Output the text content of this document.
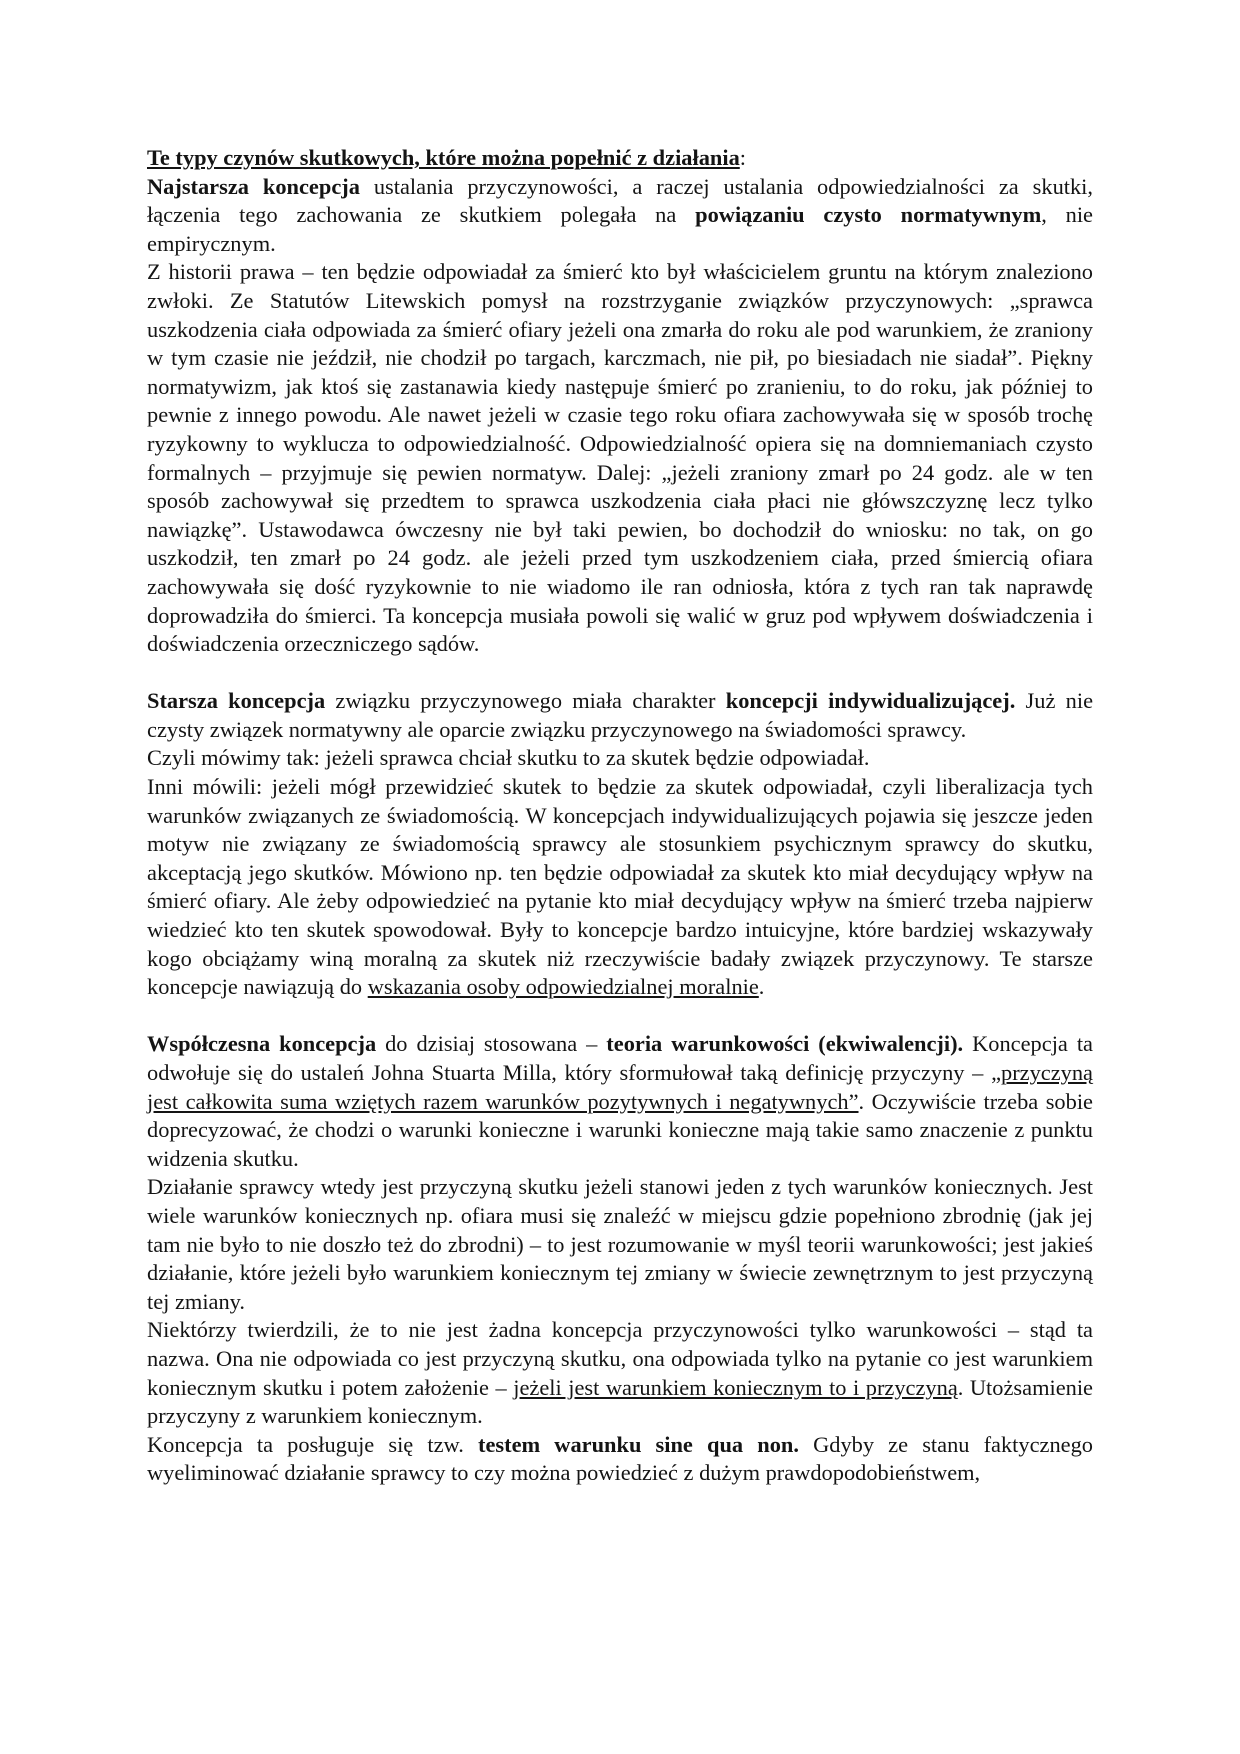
Te typy czynów skutkowych, które można popełnić z działania:

Najstarsza koncepcja ustalania przyczynowości, a raczej ustalania odpowiedzialności za skutki, łączenia tego zachowania ze skutkiem polegała na powiązaniu czysto normatywnym, nie empirycznym.

Z historii prawa – ten będzie odpowiadał za śmierć kto był właścicielem gruntu na którym znaleziono zwłoki. Ze Statutów Litewskich pomysł na rozstrzyganie związków przyczynowych: „sprawca uszkodzenia ciała odpowiada za śmierć ofiary jeżeli ona zmarła do roku ale pod warunkiem, że zraniony w tym czasie nie jeździł, nie chodził po targach, karczmach, nie pił, po biesiadach nie siadał”. Piękny normatywizm, jak ktoś się zastanawia kiedy następuje śmierć po zranieniu, to do roku, jak później to pewnie z innego powodu. Ale nawet jeżeli w czasie tego roku ofiara zachowywała się w sposób trochę ryzykowny to wyklucza to odpowiedzialność. Odpowiedzialność opiera się na domniemaniach czysto formalnych – przyjmuje się pewien normatyw. Dalej: „jeżeli zraniony zmarł po 24 godz. ale w ten sposób zachowywał się przedtem to sprawca uszkodzenia ciała płaci nie główszczyznę lecz tylko nawiązkę”. Ustawodawca ówczesny nie był taki pewien, bo dochodził do wniosku: no tak, on go uszkodził, ten zmarł po 24 godz. ale jeżeli przed tym uszkodzeniem ciała, przed śmiercią ofiara zachowywała się dość ryzykownie to nie wiadomo ile ran odniosła, która z tych ran tak naprawdę doprowadziła do śmierci. Ta koncepcja musiała powoli się walić w gruz pod wpływem doświadczenia i doświadczenia orzeczniczego sądów.

Starsza koncepcja związku przyczynowego miała charakter koncepcji indywidualizującej. Już nie czysty związek normatywny ale oparcie związku przyczynowego na świadomości sprawcy.

Czyli mówimy tak: jeżeli sprawca chciał skutku to za skutek będzie odpowiadał.

Inni mówili: jeżeli mógł przewidzieć skutek to będzie za skutek odpowiadał, czyli liberalizacja tych warunków związanych ze świadomością. W koncepcjach indywidualizujących pojawia się jeszcze jeden motyw nie związany ze świadomością sprawcy ale stosunkiem psychicznym sprawcy do skutku, akceptacją jego skutków. Mówiono np. ten będzie odpowiadał za skutek kto miał decydujący wpływ na śmierć ofiary. Ale żeby odpowiedzieć na pytanie kto miał decydujący wpływ na śmierć trzeba najpierw wiedzieć kto ten skutek spowodował. Były to koncepcje bardzo intuicyjne, które bardziej wskazywały kogo obciążamy winą moralną za skutek niż rzeczywiście badały związek przyczynowy. Te starsze koncepcje nawiązują do wskazania osoby odpowiedzialnej moralnie.

Współczesna koncepcja do dzisiaj stosowana – teoria warunkowości (ekwiwalencji). Koncepcja ta odwołuje się do ustaleń Johna Stuarta Milla, który sformułował taką definicję przyczyny – „przyczyną jest całkowita suma wziętych razem warunków pozytywnych i negatywnych”. Oczywiście trzeba sobie doprecyzować, że chodzi o warunki konieczne i warunki konieczne mają takie samo znaczenie z punktu widzenia skutku.

Działanie sprawcy wtedy jest przyczyną skutku jeżeli stanowi jeden z tych warunków koniecznych. Jest wiele warunków koniecznych np. ofiara musi się znaleźć w miejscu gdzie popełniono zbrodnię (jak jej tam nie było to nie doszło też do zbrodni) – to jest rozumowanie w myśl teorii warunkowości; jest jakieś działanie, które jeżeli było warunkiem koniecznym tej zmiany w świecie zewnętrznym to jest przyczyną tej zmiany.

Niektórzy twierdzili, że to nie jest żadna koncepcja przyczynowości tylko warunkowości – stąd ta nazwa. Ona nie odpowiada co jest przyczyną skutku, ona odpowiada tylko na pytanie co jest warunkiem koniecznym skutku i potem założenie – jeżeli jest warunkiem koniecznym to i przyczyną. Utożsamienie przyczyny z warunkiem koniecznym.

Koncepcja ta posługuje się tzw. testem warunku sine qua non. Gdyby ze stanu faktycznego wyeliminować działanie sprawcy to czy można powiedzieć z dużym prawdopodobieństwem,
